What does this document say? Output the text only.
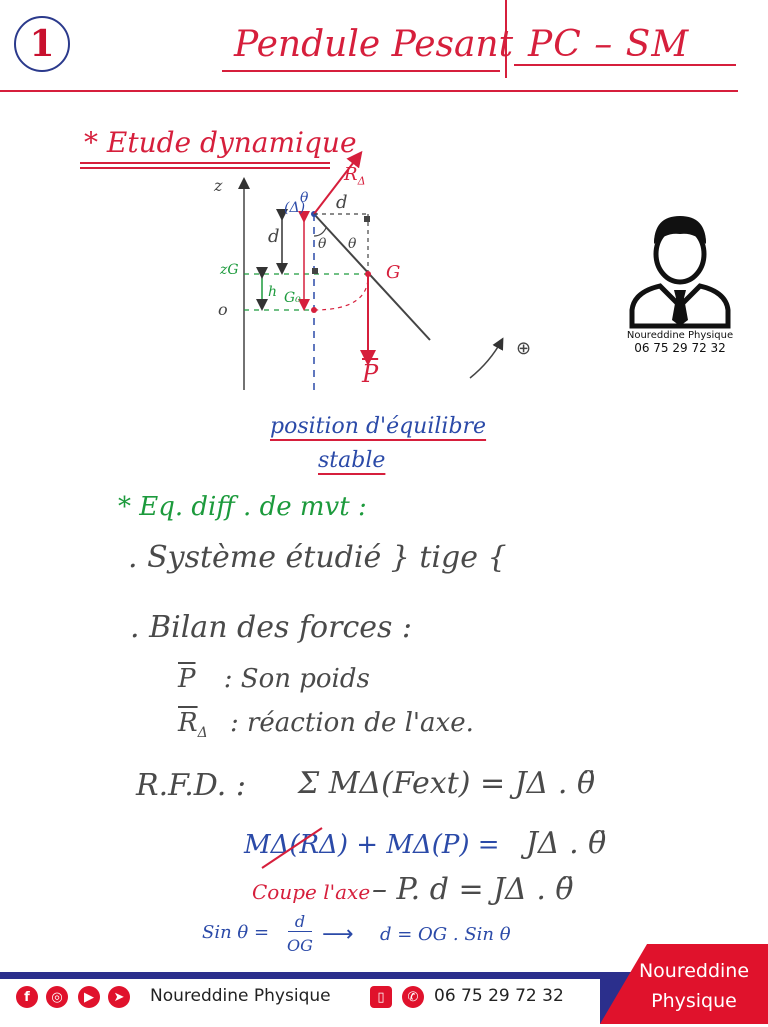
1	Pendule Pesant PC – SM
* Etude dynamique
z
o
θ
$R_\Delta$
(Δ) d
d
zG
h
G
G₀
θ θ
$\overline{P}$
⊕
position d'équilibre
stable
Noureddine Physique
06 75 29 72 32
* Eq. diff . de mvt :
. Système étudié } tige {
. Bilan des forces :
$\overline{P}$ : Son poids
$\overline{R}_\Delta$ : réaction de l'axe.
R.F.D. : Σ MΔ(Fext) = JΔ . θ̈
MΔ(RΔ) + MΔ(P) = JΔ . θ̈
Coupe l'axe – P. d = JΔ . θ̈
Sin θ =
d
OG ⟶ d = OG . Sin θ
f	◎	▶	➤	Noureddine Physique	▯	✆ 06 75 29 72 32
Noureddine
Physique
